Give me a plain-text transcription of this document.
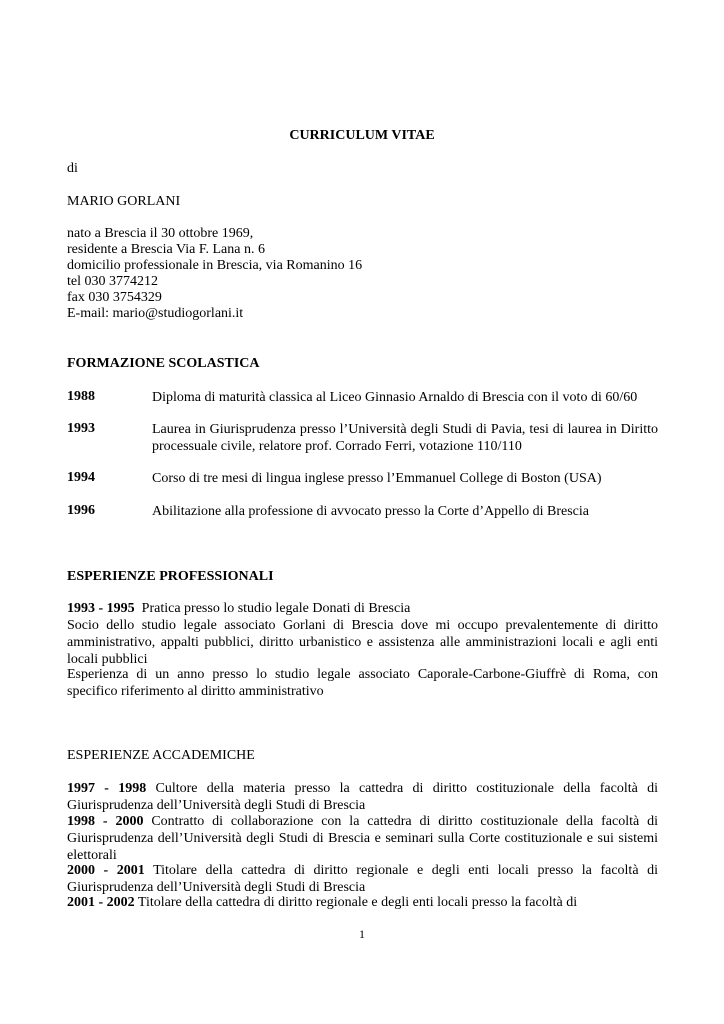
CURRICULUM VITAE
di
MARIO GORLANI
nato a Brescia il 30 ottobre 1969,
residente a Brescia Via F. Lana n. 6
domicilio professionale in Brescia, via Romanino 16
tel 030 3774212
fax 030 3754329
E-mail: mario@studiogorlani.it
FORMAZIONE SCOLASTICA
1988	Diploma di maturità classica al Liceo Ginnasio Arnaldo di Brescia con il voto di 60/60
1993	Laurea in Giurisprudenza presso l’Università degli Studi di Pavia, tesi di laurea in Diritto processuale civile, relatore prof. Corrado Ferri, votazione 110/110
1994	Corso di tre mesi di lingua inglese presso l’Emmanuel College di Boston (USA)
1996	Abilitazione alla professione di avvocato presso la Corte d’Appello di Brescia
ESPERIENZE PROFESSIONALI
1993 - 1995  Pratica presso lo studio legale Donati di Brescia
Socio dello studio legale associato Gorlani di Brescia dove mi occupo prevalentemente di diritto amministrativo, appalti pubblici, diritto urbanistico e assistenza alle amministrazioni locali e agli enti locali pubblici
Esperienza di un anno presso lo studio legale associato Caporale-Carbone-Giuffrè di Roma, con specifico riferimento al diritto amministrativo
ESPERIENZE ACCADEMICHE
1997 - 1998 Cultore della materia presso la cattedra di diritto costituzionale della facoltà di Giurisprudenza dell’Università degli Studi di Brescia
1998 - 2000 Contratto di collaborazione con la cattedra di diritto costituzionale della facoltà di Giurisprudenza dell’Università degli Studi di Brescia e seminari sulla Corte costituzionale e sui sistemi elettorali
2000 - 2001 Titolare della cattedra di diritto regionale e degli enti locali presso la facoltà di Giurisprudenza dell’Università degli Studi di Brescia
2001 - 2002 Titolare della cattedra di diritto regionale e degli enti locali presso la facoltà di
1
